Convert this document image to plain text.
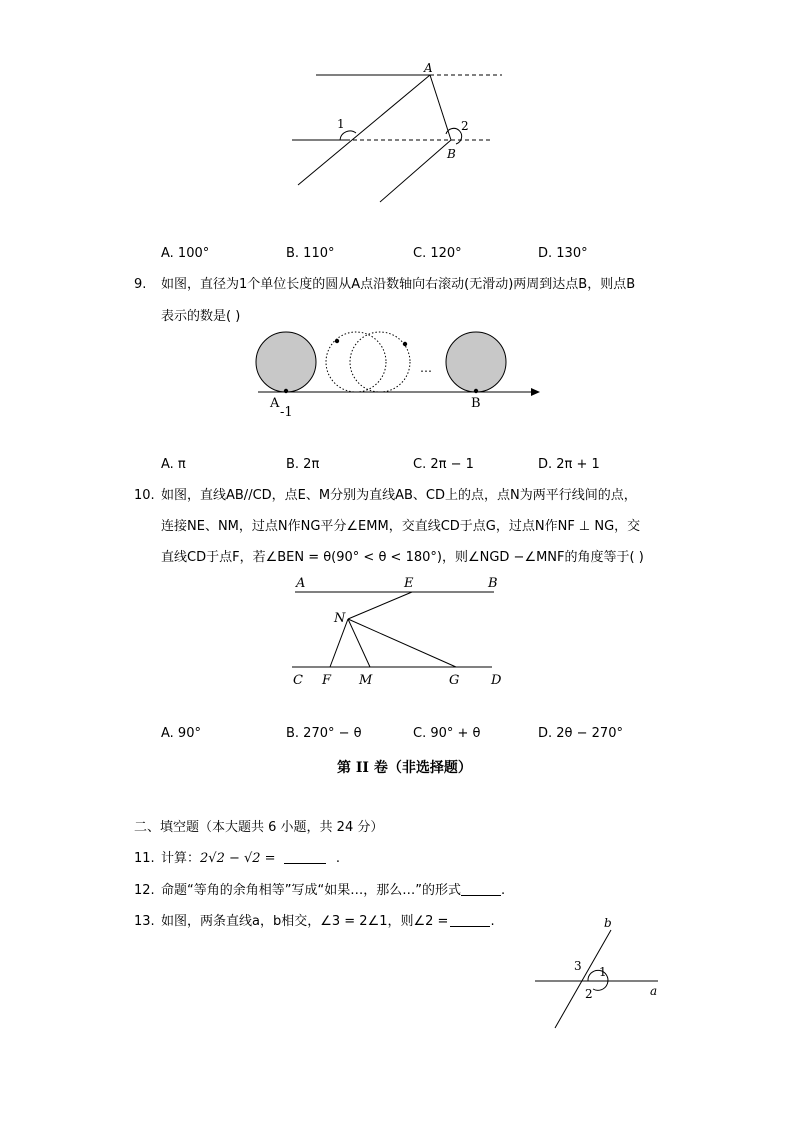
A
B
1	2
A. 100°	B. 110°	C. 120°	D. 130°
9. 如图，直径为1个单位长度的圆从A点沿数轴向右滚动(无滑动)两周到达点B，则点B
表示的数是( )
…
A
-1
B
A. π	B. 2π	C. 2π − 1	D. 2π + 1
10. 如图，直线AB//CD，点E、M分别为直线AB、CD上的点，点N为两平行线间的点，
连接NE、NM，过点N作NG平分∠EMM，交直线CD于点G，过点N作NF ⊥ NG，交
直线CD于点F，若∠BEN = θ(90° < θ < 180°)，则∠NGD −∠MNF的角度等于( )
A	E	B
N
C F M	G D
A. 90°	B. 270° − θ	C. 90° + θ	D. 2θ − 270°
第 II 卷（非选择题）
二、填空题（本大题共 6 小题，共 24 分）
11. 计算：2√2 − √2 =	.
12. 命题“等角的余角相等”写成“如果…，那么…”的形式	.
13. 如图，两条直线a，b相交，∠3 = 2∠1，则∠2 =	.	b
a
3 1
2
